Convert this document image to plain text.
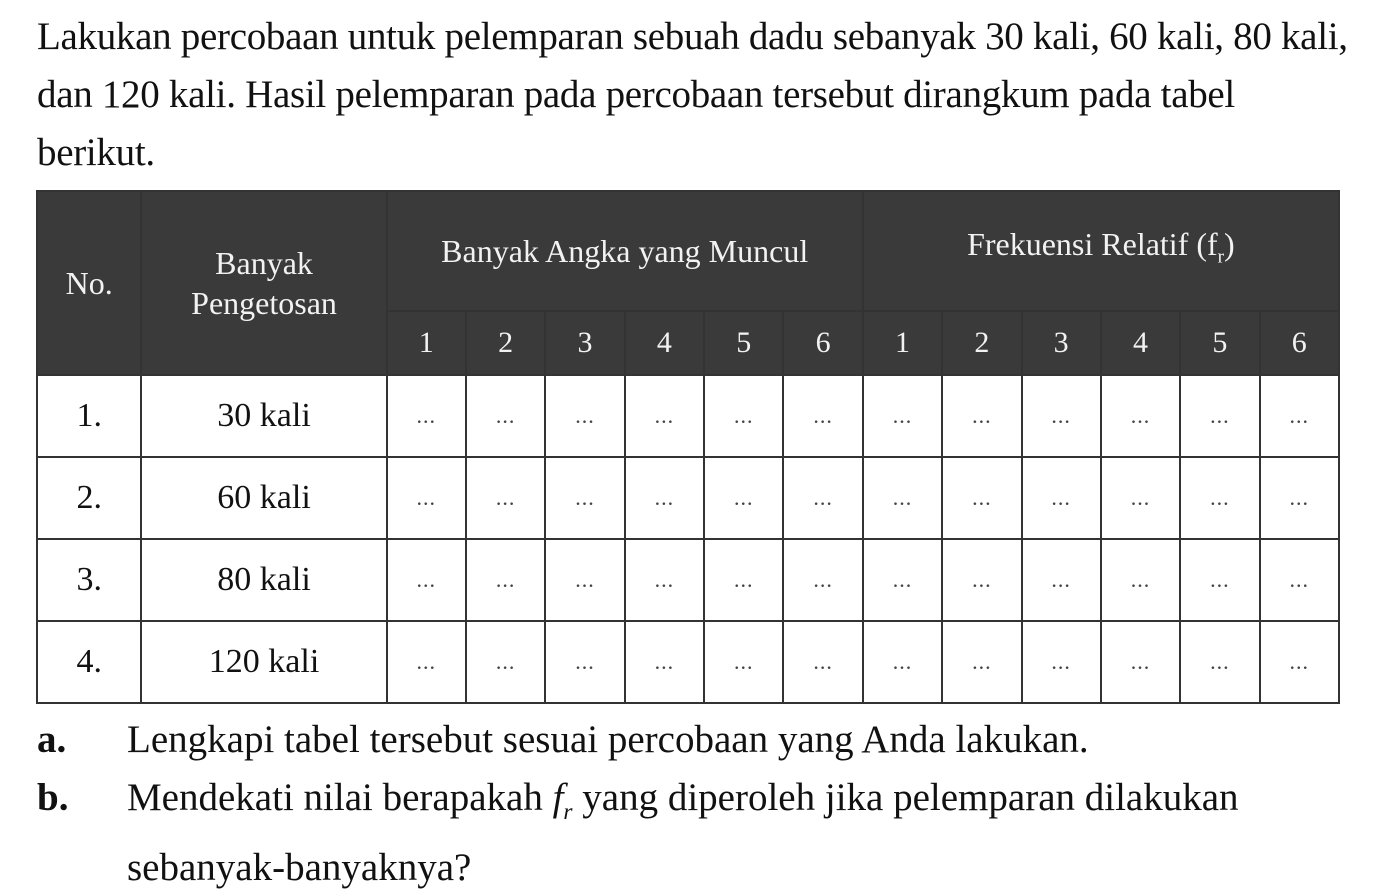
Lakukan percobaan untuk pelemparan sebuah dadu sebanyak 30 kali, 60 kali, 80 kali, dan 120 kali. Hasil pelemparan pada percobaan tersebut dirangkum pada tabel berikut.
No.	Banyak Pengetosan	Banyak Angka yang Muncul						Frekuensi Relatif $(f_r)$					
		1	2	3	4	5	6	1	2	3	4	5	6
1.	30 kali	...	...	...	...	...	...	...	...	...	...	...	...
2.	60 kali	...	...	...	...	...	...	...	...	...	...	...	...
3.	80 kali	...	...	...	...	...	...	...	...	...	...	...	...
4.	120 kali	...	...	...	...	...	...	...	...	...	...	...	...
a. Lengkapi tabel tersebut sesuai percobaan yang Anda lakukan.
b. Mendekati nilai berapakah $f_r$ yang diperoleh jika pelemparan dilakukan sebanyak-banyaknya?
